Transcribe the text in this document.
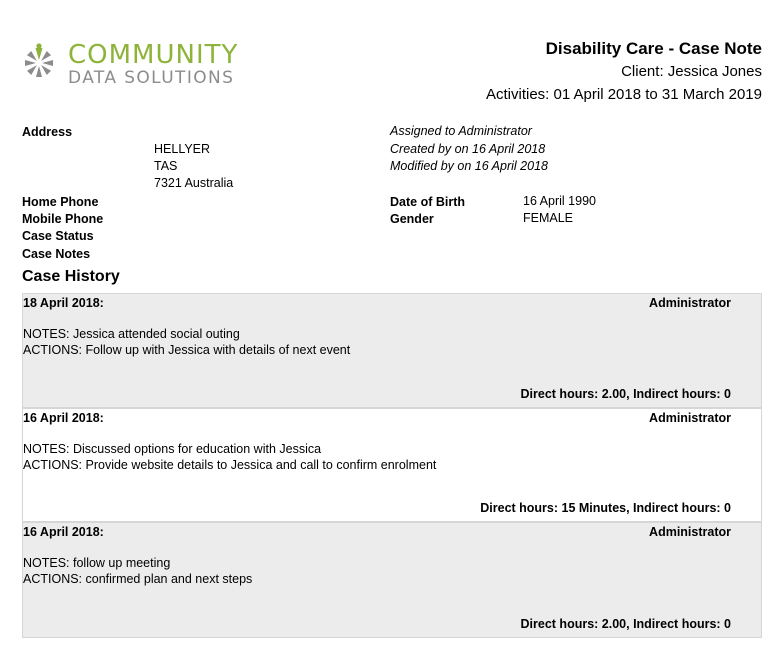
COMMUNITY
DATA SOLUTIONS
Disability Care - Case Note
Client: Jessica Jones
Activities: 01 April 2018 to 31 March 2019
Address
HELLYER
TAS
7321 Australia
Home Phone
Mobile Phone
Case Status
Case Notes
Assigned to Administrator
Created by on 16 April 2018
Modified by on 16 April 2018
Date of Birth	16 April 1990
Gender	FEMALE
Case History
18 April 2018:	Administrator
NOTES: Jessica attended social outing
ACTIONS: Follow up with Jessica with details of next event
Direct hours: 2.00, Indirect hours: 0
16 April 2018:	Administrator
NOTES: Discussed options for education with Jessica
ACTIONS: Provide website details to Jessica and call to confirm enrolment
Direct hours: 15 Minutes, Indirect hours: 0
16 April 2018:	Administrator
NOTES: follow up meeting
ACTIONS: confirmed plan and next steps
Direct hours: 2.00, Indirect hours: 0
